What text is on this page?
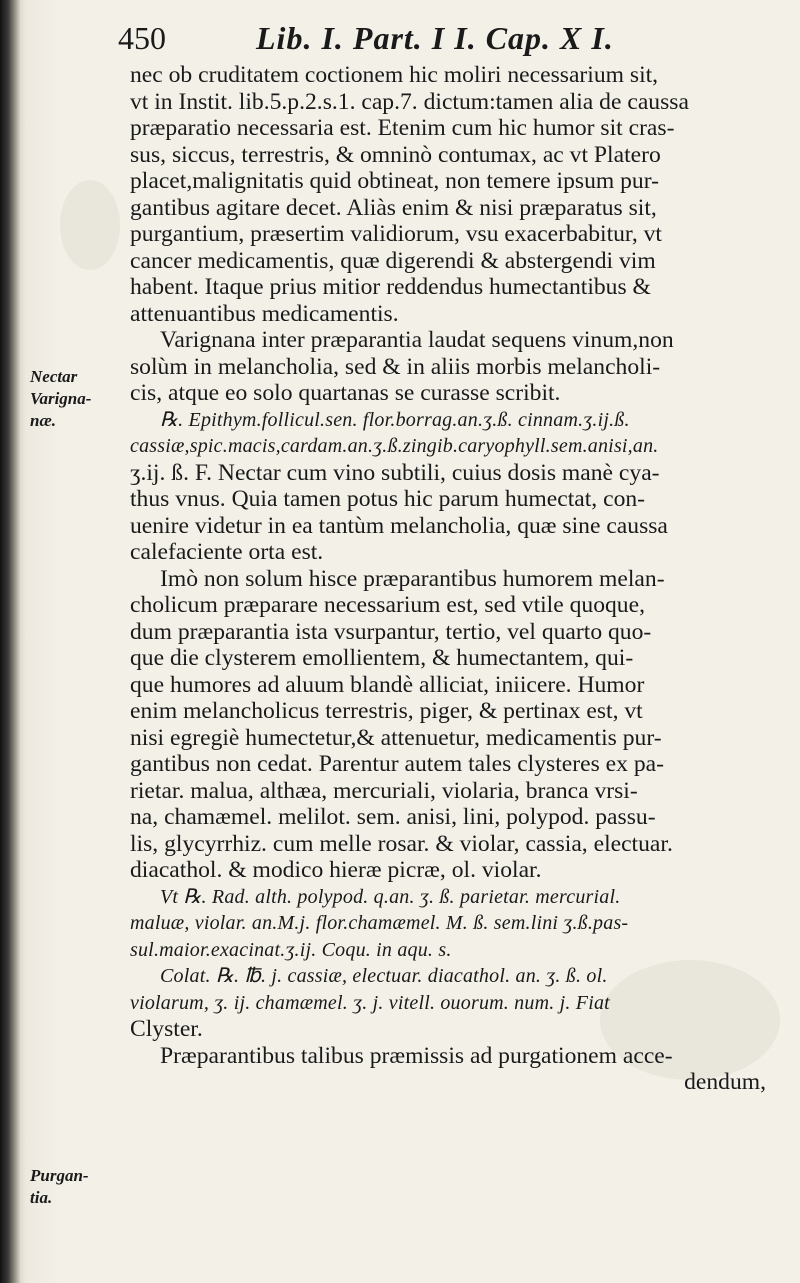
450	Lib. I. Part. I I. Cap. X I.
Nectar
Varigna-
næ.
Purgan-
tia.
nec ob cruditatem coctionem hic moliri necessarium sit,
vt in Instit. lib.5.p.2.s.1. cap.7. dictum:tamen alia de caussa
præparatio necessaria est. Etenim cum hic humor sit cras-
sus, siccus, terrestris, & omninò contumax, ac vt Platero
placet,malignitatis quid obtineat, non temere ipsum pur-
gantibus agitare decet. Aliàs enim & nisi præparatus sit,
purgantium, præsertim validiorum, vsu exacerbabitur, vt
cancer medicamentis, quæ digerendi & abstergendi vim
habent. Itaque prius mitior reddendus humectantibus &
attenuantibus medicamentis.
Varignana inter præparantia laudat sequens vinum,non
solùm in melancholia, sed & in aliis morbis melancholi-
cis, atque eo solo quartanas se curasse scribit.
℞. Epithym.follicul.sen. flor.borrag.an.ʒ.ß. cinnam.ʒ.ij.ß.
cassiæ,spic.macis,cardam.an.ʒ.ß.zingib.caryophyll.sem.anisi,an.
ʒ.ij. ß. F. Nectar cum vino subtili, cuius dosis manè cya-
thus vnus. Quia tamen potus hic parum humectat, con-
uenire videtur in ea tantùm melancholia, quæ sine caussa
calefaciente orta est.
Imò non solum hisce præparantibus humorem melan-
cholicum præparare necessarium est, sed vtile quoque,
dum præparantia ista vsurpantur, tertio, vel quarto quo-
que die clysterem emollientem, & humectantem, qui-
que humores ad aluum blandè alliciat, iniicere. Humor
enim melancholicus terrestris, piger, & pertinax est, vt
nisi egregiè humectetur,& attenuetur, medicamentis pur-
gantibus non cedat. Parentur autem tales clysteres ex pa-
rietar. malua, althæa, mercuriali, violaria, branca vrsi-
na, chamæmel. melilot. sem. anisi, lini, polypod. passu-
lis, glycyrrhiz. cum melle rosar. & violar, cassia, electuar.
diacathol. & modico hieræ picræ, ol. violar.
Vt ℞. Rad. alth. polypod. q.an. ʒ. ß. parietar. mercurial.
maluæ, violar. an.M.j. flor.chamæmel. M. ß. sem.lini ʒ.ß.pas-
sul.maior.exacinat.ʒ.ij. Coqu. in aqu. s.
Colat. ℞. ℔. j. cassiæ, electuar. diacathol. an. ʒ. ß. ol.
violarum, ʒ. ij. chamæmel. ʒ. j. vitell. ouorum. num. j. Fiat
Clyster.
Præparantibus talibus præmissis ad purgationem acce-
dendum,
